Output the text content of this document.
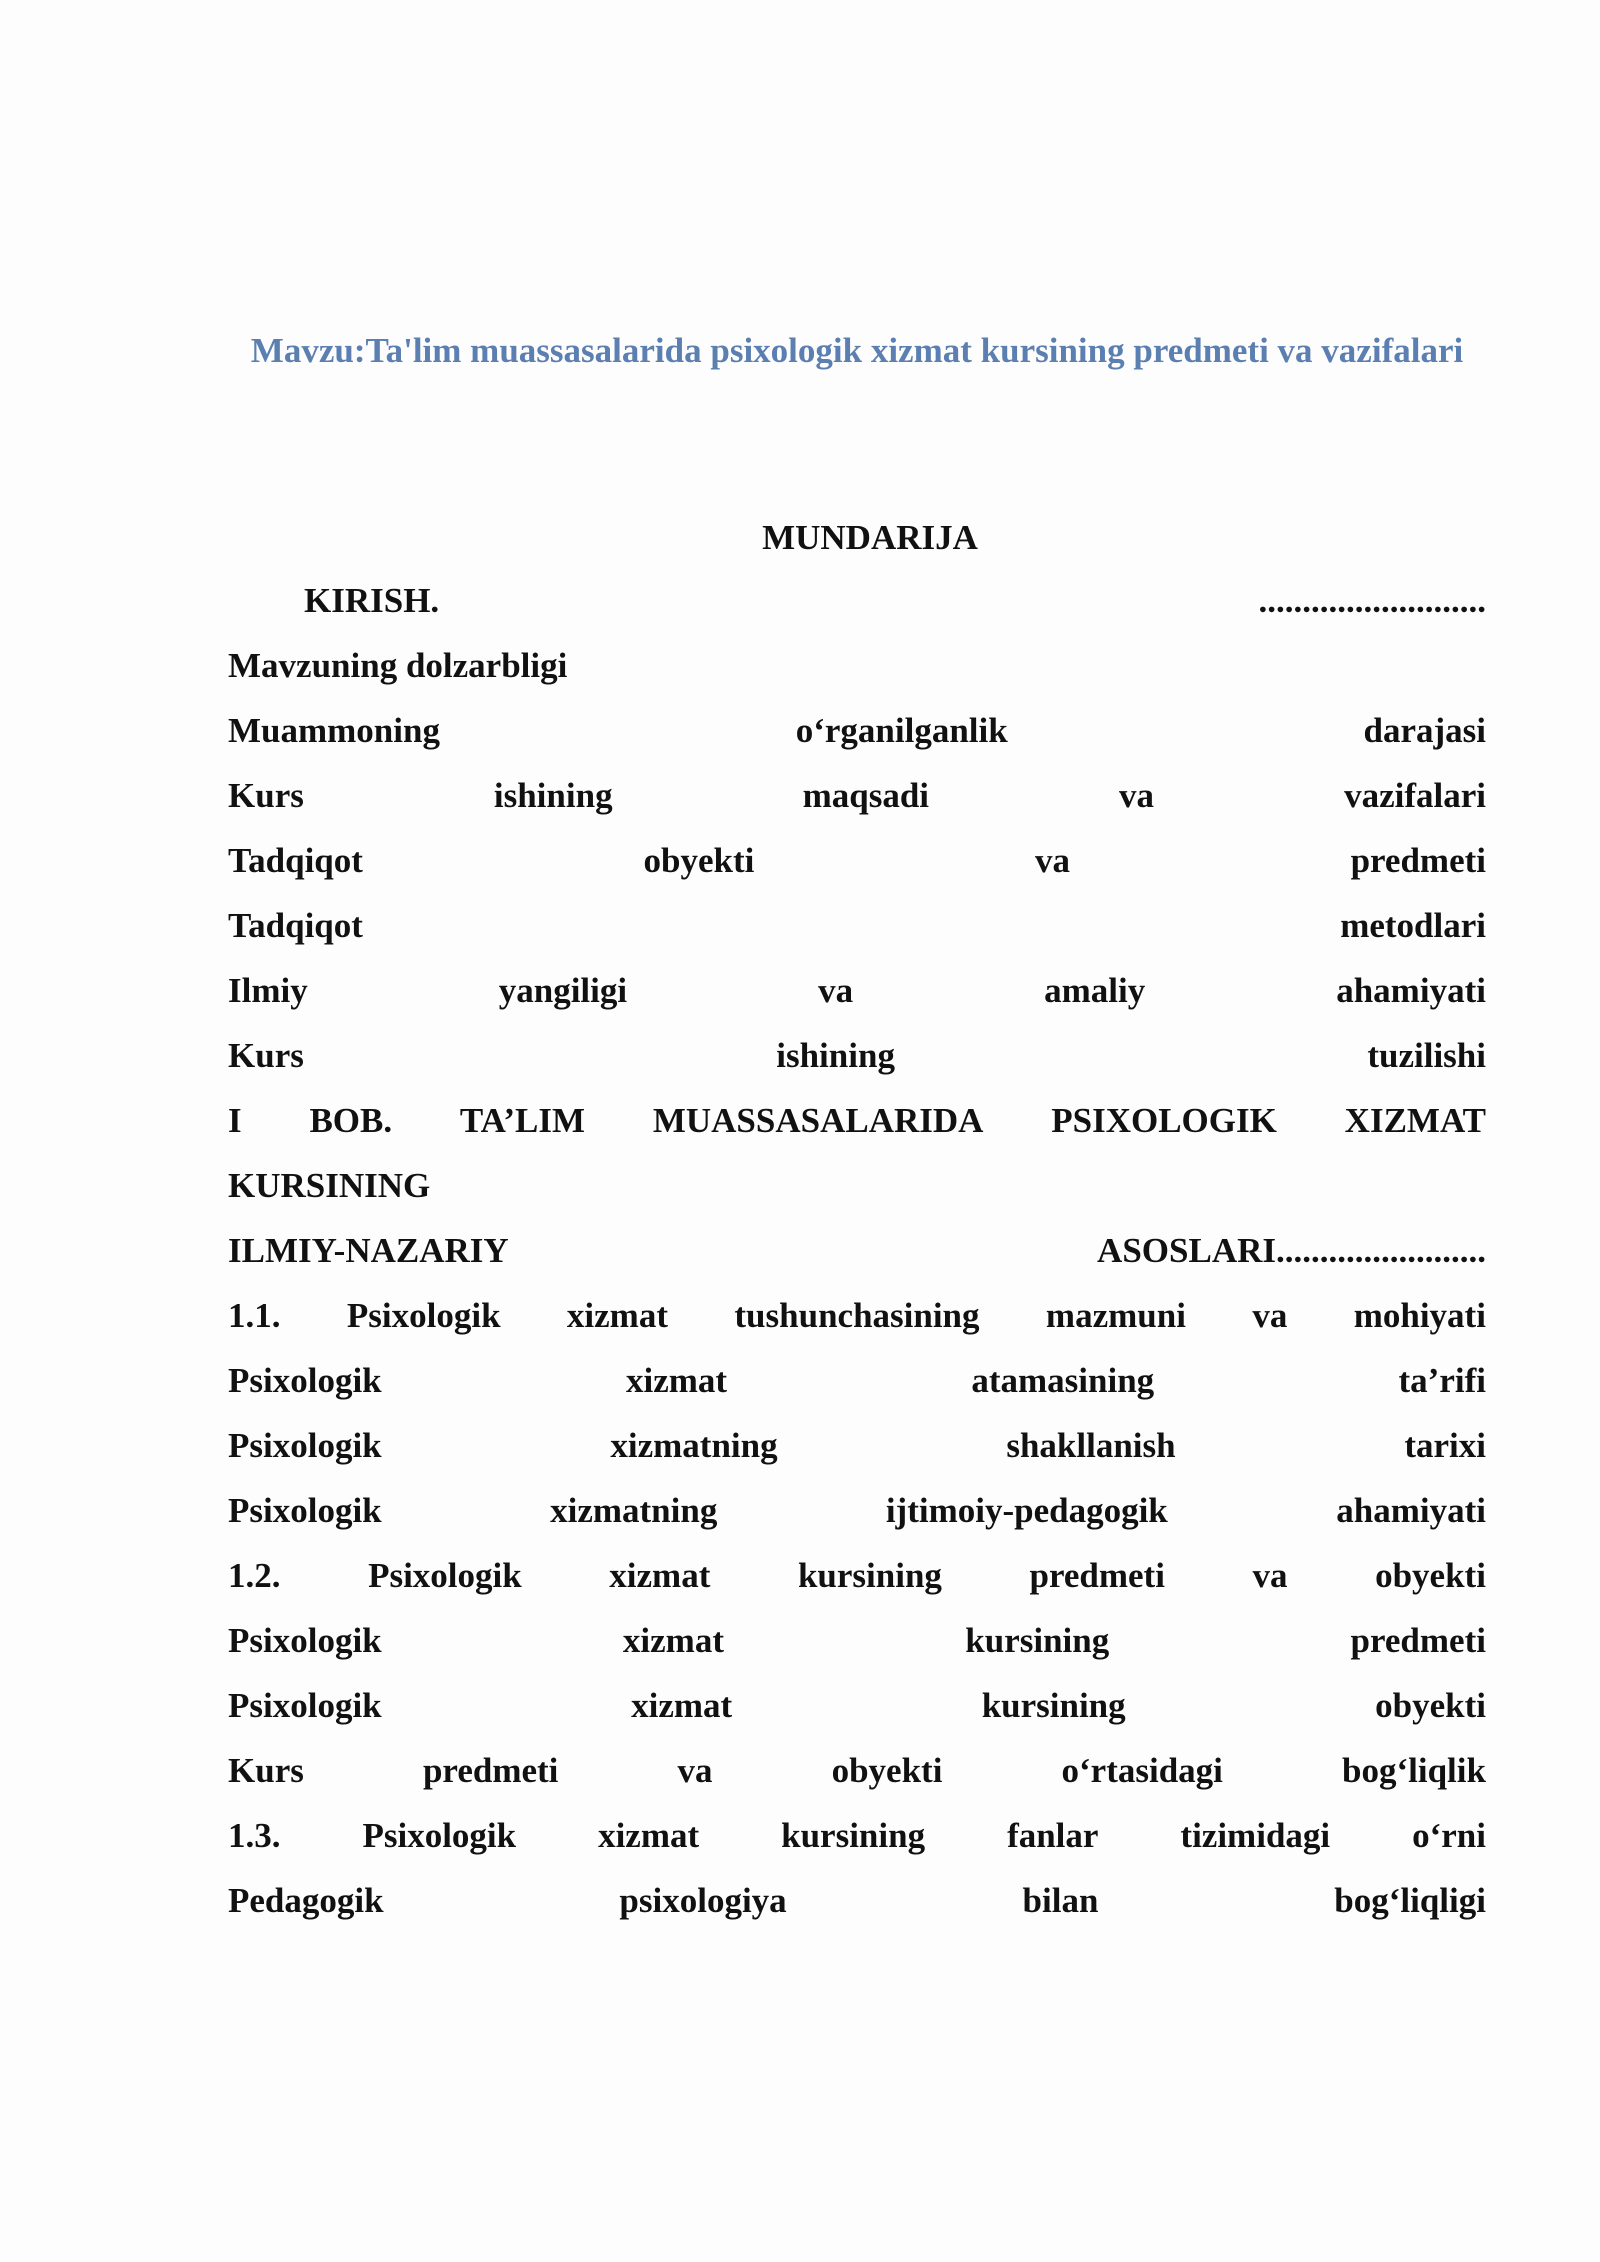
Mavzu:Ta'lim muassasalarida psixologik xizmat kursining predmeti va vazifalari
MUNDARIJA
KIRISH.	..........................
Mavzuning dolzarbligi
Muammoning	o‘rganilganlik	darajasi
Kurs	ishining	maqsadi	va	vazifalari
Tadqiqot	obyekti	va	predmeti
Tadqiqot	metodlari
Ilmiy	yangiligi	va	amaliy	ahamiyati
Kurs	ishining	tuzilishi
I BOB. TA’LIM MUASSASALARIDA PSIXOLOGIK XIZMAT
KURSINING
ILMIY-NAZARIY	ASOSLARI........................
1.1. Psixologik xizmat tushunchasining mazmuni va mohiyati
Psixologik	xizmat	atamasining	ta’rifi
Psixologik	xizmatning	shakllanish	tarixi
Psixologik	xizmatning	ijtimoiy-pedagogik	ahamiyati
1.2.	Psixologik	xizmat	kursining	predmeti	va	obyekti
Psixologik	xizmat	kursining	predmeti
Psixologik	xizmat	kursining	obyekti
Kurs	predmeti	va	obyekti	o‘rtasidagi	bog‘liqlik
1.3. Psixologik xizmat kursining fanlar tizimidagi o‘rni
Pedagogik	psixologiya	bilan	bog‘liqligi
